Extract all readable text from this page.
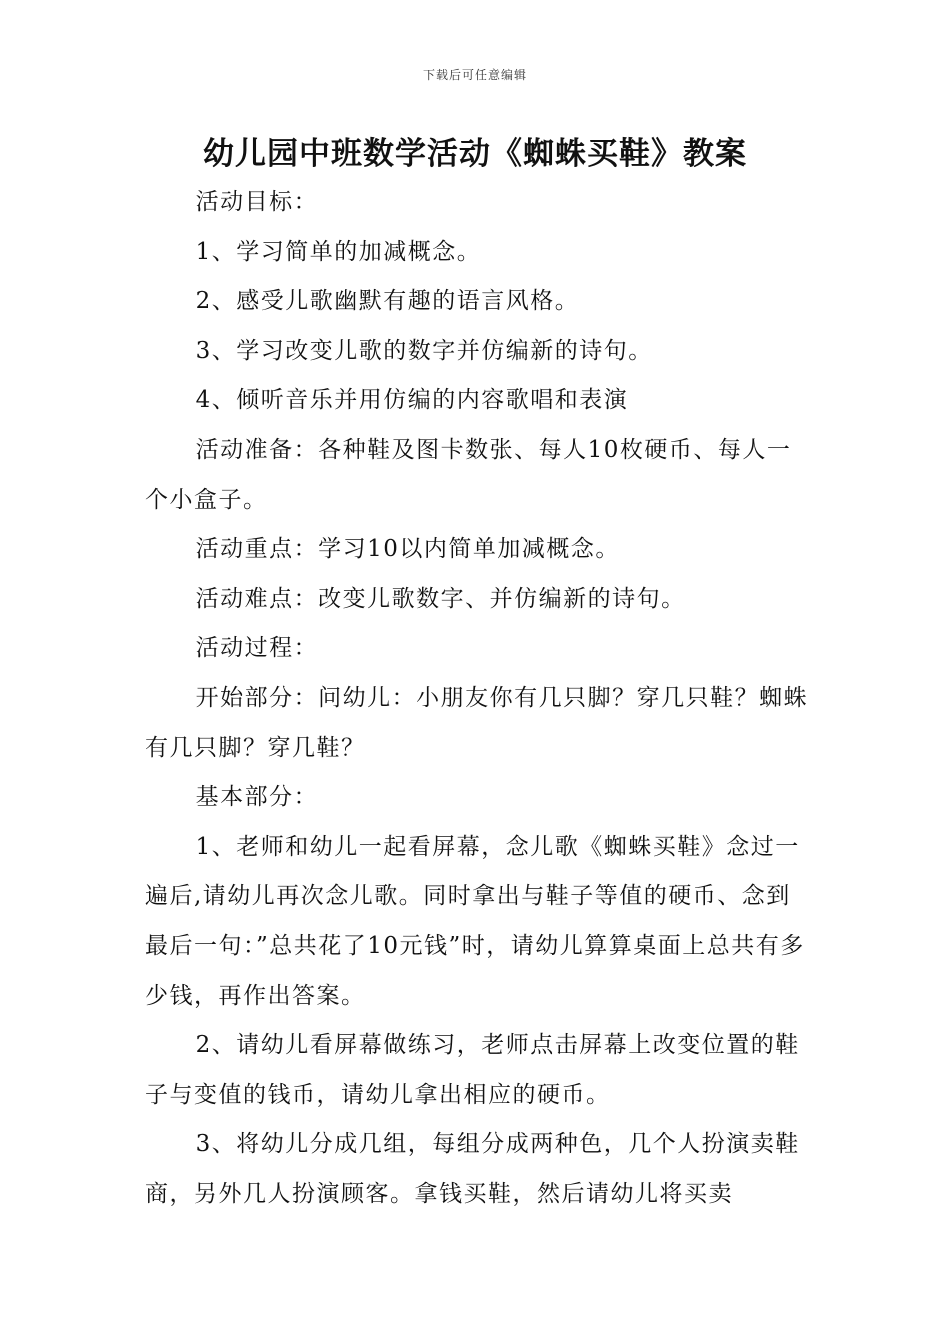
下载后可任意编辑
幼儿园中班数学活动《蜘蛛买鞋》教案

活动目标：

1、学习简单的加减概念。

2、感受儿歌幽默有趣的语言风格。

3、学习改变儿歌的数字并仿编新的诗句。

4、倾听音乐并用仿编的内容歌唱和表演

活动准备：各种鞋及图卡数张、每人10枚硬币、每人一个小盒子。

活动重点：学习10以内简单加减概念。

活动难点：改变儿歌数字、并仿编新的诗句。

活动过程：

开始部分：问幼儿：小朋友你有几只脚？穿几只鞋？蜘蛛有几只脚？穿几鞋？

基本部分：

1、老师和幼儿一起看屏幕，念儿歌《蜘蛛买鞋》念过一遍后,请幼儿再次念儿歌。同时拿出与鞋子等值的硬币、念到最后一句：”总共花了10元钱”时，请幼儿算算桌面上总共有多少钱，再作出答案。

2、请幼儿看屏幕做练习，老师点击屏幕上改变位置的鞋子与变值的钱币，请幼儿拿出相应的硬币。

3、将幼儿分成几组，每组分成两种色，几个人扮演卖鞋商，另外几人扮演顾客。拿钱买鞋，然后请幼儿将买卖
